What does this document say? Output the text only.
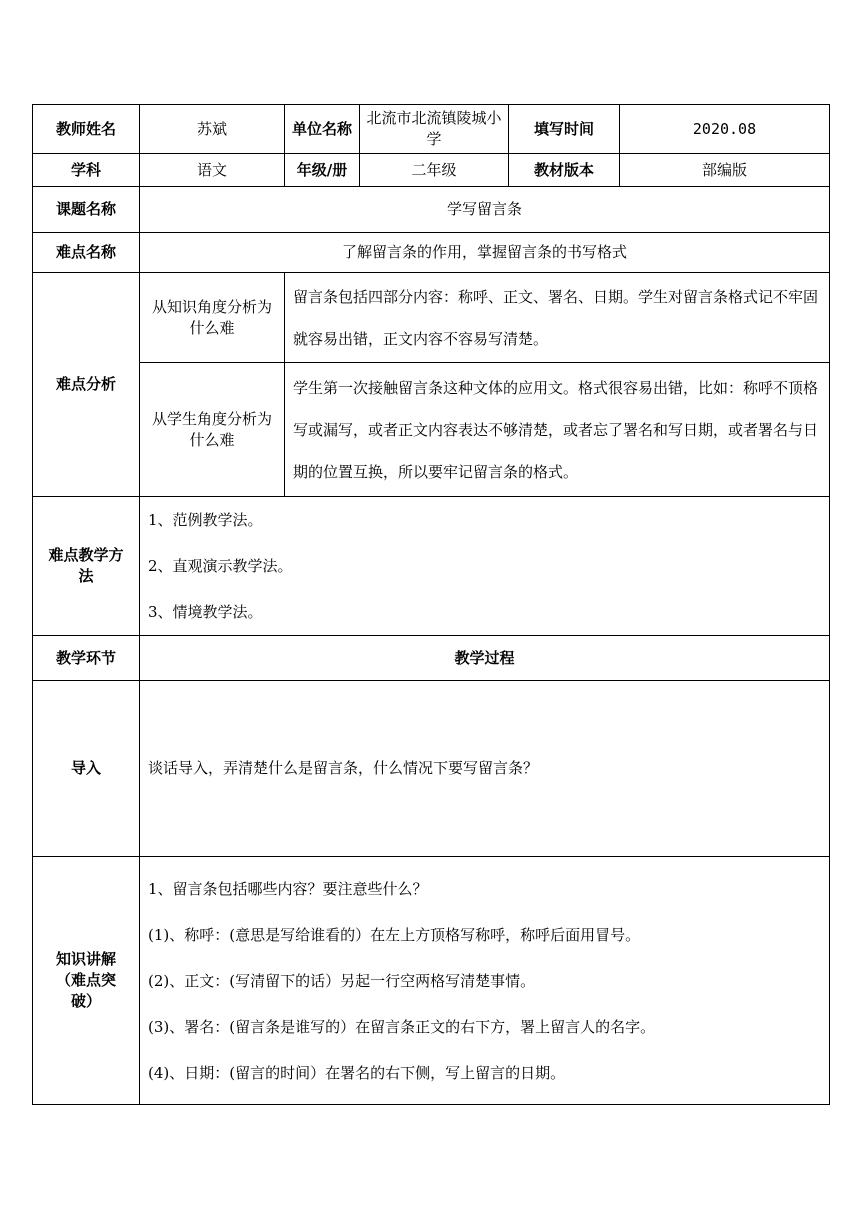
教师姓名	苏斌	单位名称	北流市北流镇陵城小学	填写时间	2020.08
学科	语文	年级/册	二年级	教材版本	部编版
课题名称	学写留言条				
难点名称	了解留言条的作用，掌握留言条的书写格式				
难点分析	从知识角度分析为什么难	留言条包括四部分内容：称呼、正文、署名、日期。学生对留言条格式记不牢固就容易出错，正文内容不容易写清楚。			

	从学生角度分析为什么难	学生第一次接触留言条这种文体的应用文。格式很容易出错，比如：称呼不顶格写或漏写，或者正文内容表达不够清楚，或者忘了署名和写日期，或者署名与日期的位置互换，所以要牢记留言条的格式。			

难点教学方法	1、范例教学法。

2、直观演示教学法。

3、情境教学法。				

教学环节	教学过程				
导入	谈话导入，弄清楚什么是留言条，什么情况下要写留言条？				
知识讲解（难点突破）	1、留言条包括哪些内容？要注意些什么？

(1)、称呼：(意思是写给谁看的）在左上方顶格写称呼，称呼后面用冒号。

(2)、正文：(写清留下的话）另起一行空两格写清楚事情。

(3)、署名：(留言条是谁写的）在留言条正文的右下方，署上留言人的名字。

(4)、日期：(留言的时间）在署名的右下侧，写上留言的日期。				
